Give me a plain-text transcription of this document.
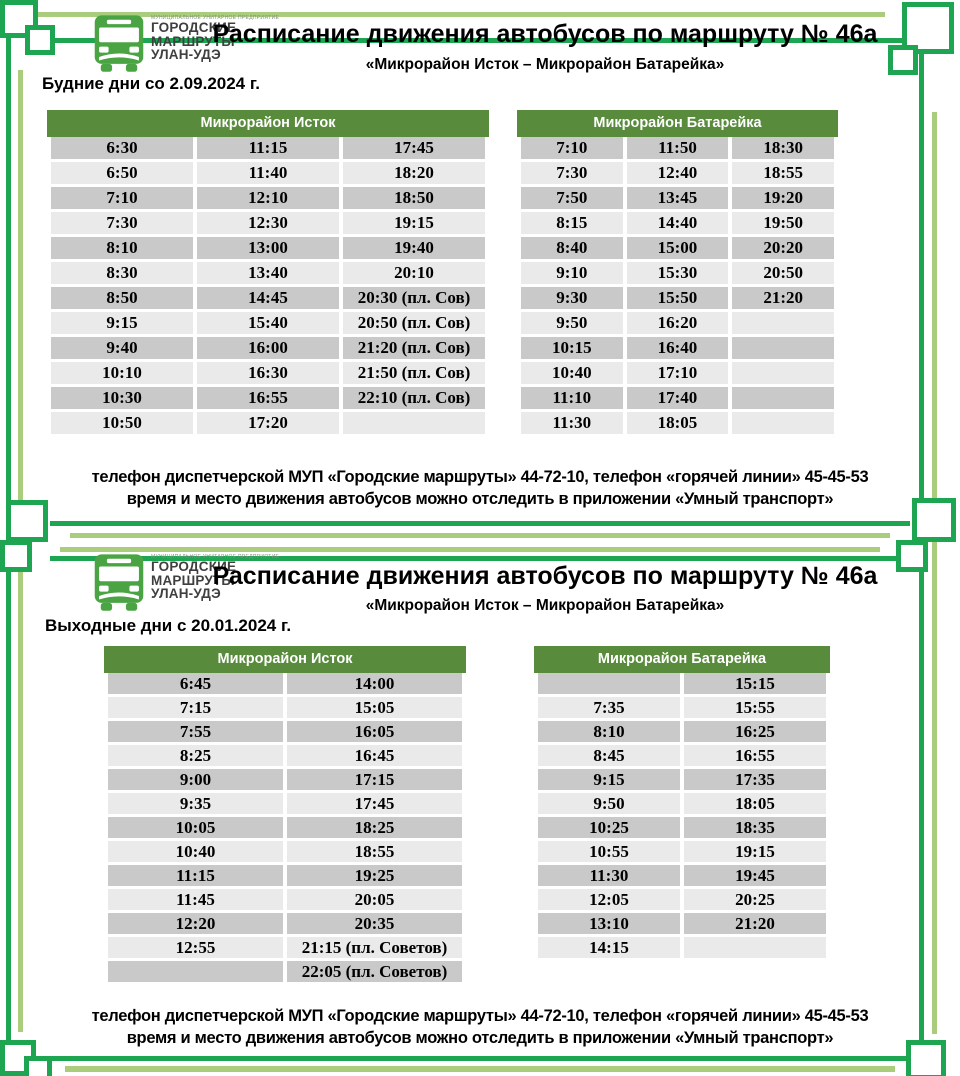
МУНИЦИПАЛЬНОЕ УНИТАРНОЕ ПРЕДПРИЯТИЕ
ГОРОДСКИЕ
МАРШРУТЫ
УЛАН-УДЭ
Расписание движения автобусов по маршруту № 46а
«Микрорайон Исток – Микрорайон Батарейка»
Будние дни со 2.09.2024 г.
Микрорайон Исток
6:30	11:15	17:45
6:50	11:40	18:20
7:10	12:10	18:50
7:30	12:30	19:15
8:10	13:00	19:40
8:30	13:40	20:10
8:50	14:45	20:30 (пл. Сов)
9:15	15:40	20:50 (пл. Сов)
9:40	16:00	21:20 (пл. Сов)
10:10	16:30	21:50 (пл. Сов)
10:30	16:55	22:10 (пл. Сов)
10:50	17:20	
Микрорайон Батарейка
7:10	11:50	18:30
7:30	12:40	18:55
7:50	13:45	19:20
8:15	14:40	19:50
8:40	15:00	20:20
9:10	15:30	20:50
9:30	15:50	21:20
9:50	16:20	
10:15	16:40	
10:40	17:10	
11:10	17:40	
11:30	18:05	
телефон диспетчерской МУП «Городские маршруты» 44-72-10, телефон «горячей линии» 45-45-53
время и место движения автобусов можно отследить в приложении «Умный транспорт»
МУНИЦИПАЛЬНОЕ УНИТАРНОЕ ПРЕДПРИЯТИЕ
ГОРОДСКИЕ
МАРШРУТЫ
УЛАН-УДЭ
Расписание движения автобусов по маршруту № 46а
«Микрорайон Исток – Микрорайон Батарейка»
Выходные дни с 20.01.2024 г.
Микрорайон Исток
6:45	14:00
7:15	15:05
7:55	16:05
8:25	16:45
9:00	17:15
9:35	17:45
10:05	18:25
10:40	18:55
11:15	19:25
11:45	20:05
12:20	20:35
12:55	21:15 (пл. Советов)
	22:05 (пл. Советов)
Микрорайон Батарейка
	15:15
7:35	15:55
8:10	16:25
8:45	16:55
9:15	17:35
9:50	18:05
10:25	18:35
10:55	19:15
11:30	19:45
12:05	20:25
13:10	21:20
14:15	
телефон диспетчерской МУП «Городские маршруты» 44-72-10, телефон «горячей линии» 45-45-53
время и место движения автобусов можно отследить в приложении «Умный транспорт»
